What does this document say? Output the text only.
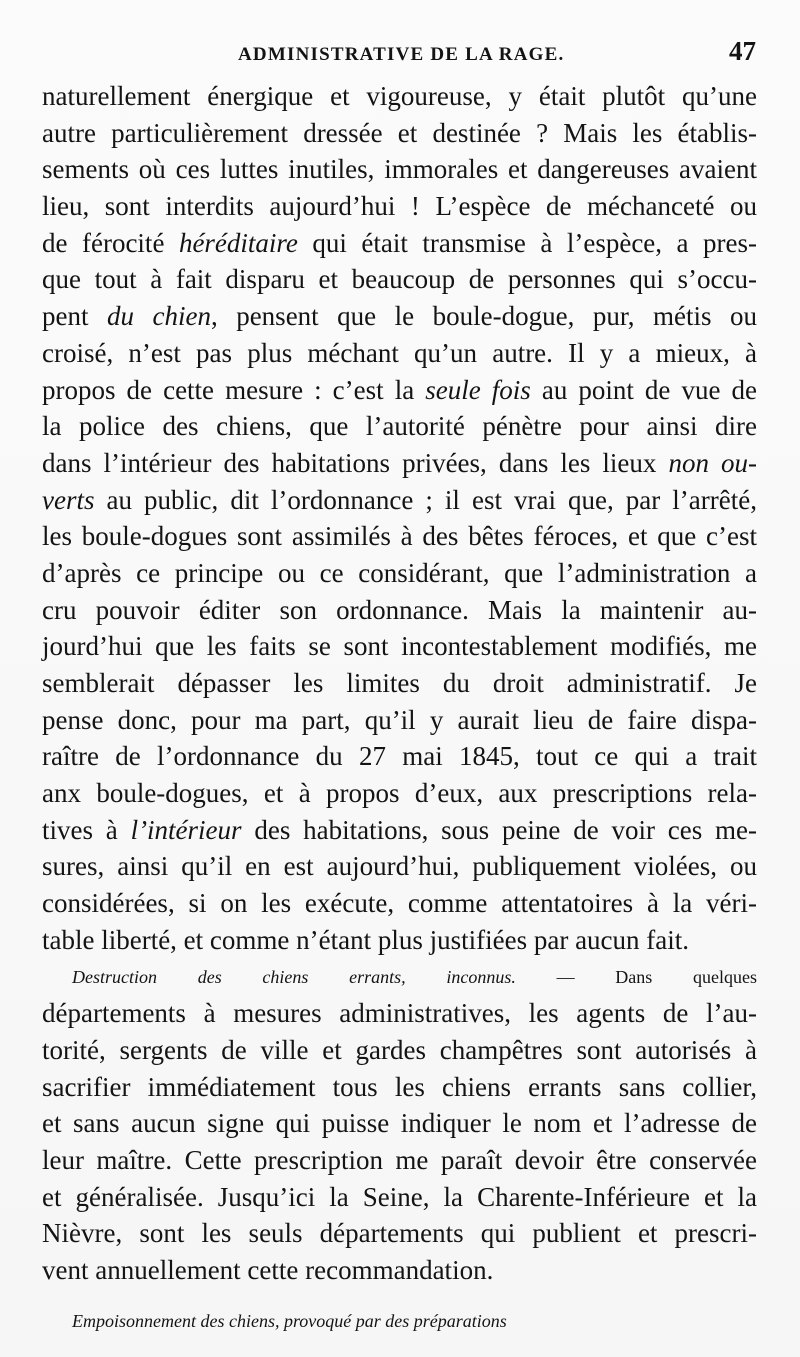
ADMINISTRATIVE DE LA RAGE.	47
naturellement énergique et vigoureuse, y était plutôt qu’une
autre particulièrement dressée et destinée ? Mais les établis-
sements où ces luttes inutiles, immorales et dangereuses avaient
lieu, sont interdits aujourd’hui ! L’espèce de méchanceté ou
de férocité héréditaire qui était transmise à l’espèce, a pres-
que tout à fait disparu et beaucoup de personnes qui s’occu-
pent du chien, pensent que le boule-dogue, pur, métis ou
croisé, n’est pas plus méchant qu’un autre. Il y a mieux, à
propos de cette mesure : c’est la seule fois au point de vue de
la police des chiens, que l’autorité pénètre pour ainsi dire
dans l’intérieur des habitations privées, dans les lieux non ou-
verts au public, dit l’ordonnance ; il est vrai que, par l’arrêté,
les boule-dogues sont assimilés à des bêtes féroces, et que c’est
d’après ce principe ou ce considérant, que l’administration a
cru pouvoir éditer son ordonnance. Mais la maintenir au-
jourd’hui que les faits se sont incontestablement modifiés, me
semblerait dépasser les limites du droit administratif. Je
pense donc, pour ma part, qu’il y aurait lieu de faire dispa-
raître de l’ordonnance du 27 mai 1845, tout ce qui a trait
anx boule-dogues, et à propos d’eux, aux prescriptions rela-
tives à l’intérieur des habitations, sous peine de voir ces me-
sures, ainsi qu’il en est aujourd’hui, publiquement violées, ou
considérées, si on les exécute, comme attentatoires à la véri-
table liberté, et comme n’étant plus justifiées par aucun fait.
Destruction des chiens errants, inconnus. — Dans quelques
départements à mesures administratives, les agents de l’au-
torité, sergents de ville et gardes champêtres sont autorisés à
sacrifier immédiatement tous les chiens errants sans collier,
et sans aucun signe qui puisse indiquer le nom et l’adresse de
leur maître. Cette prescription me paraît devoir être conservée
et généralisée. Jusqu’ici la Seine, la Charente-Inférieure et la
Nièvre, sont les seuls départements qui publient et prescri-
vent annuellement cette recommandation.
Empoisonnement des chiens, provoqué par des préparations
